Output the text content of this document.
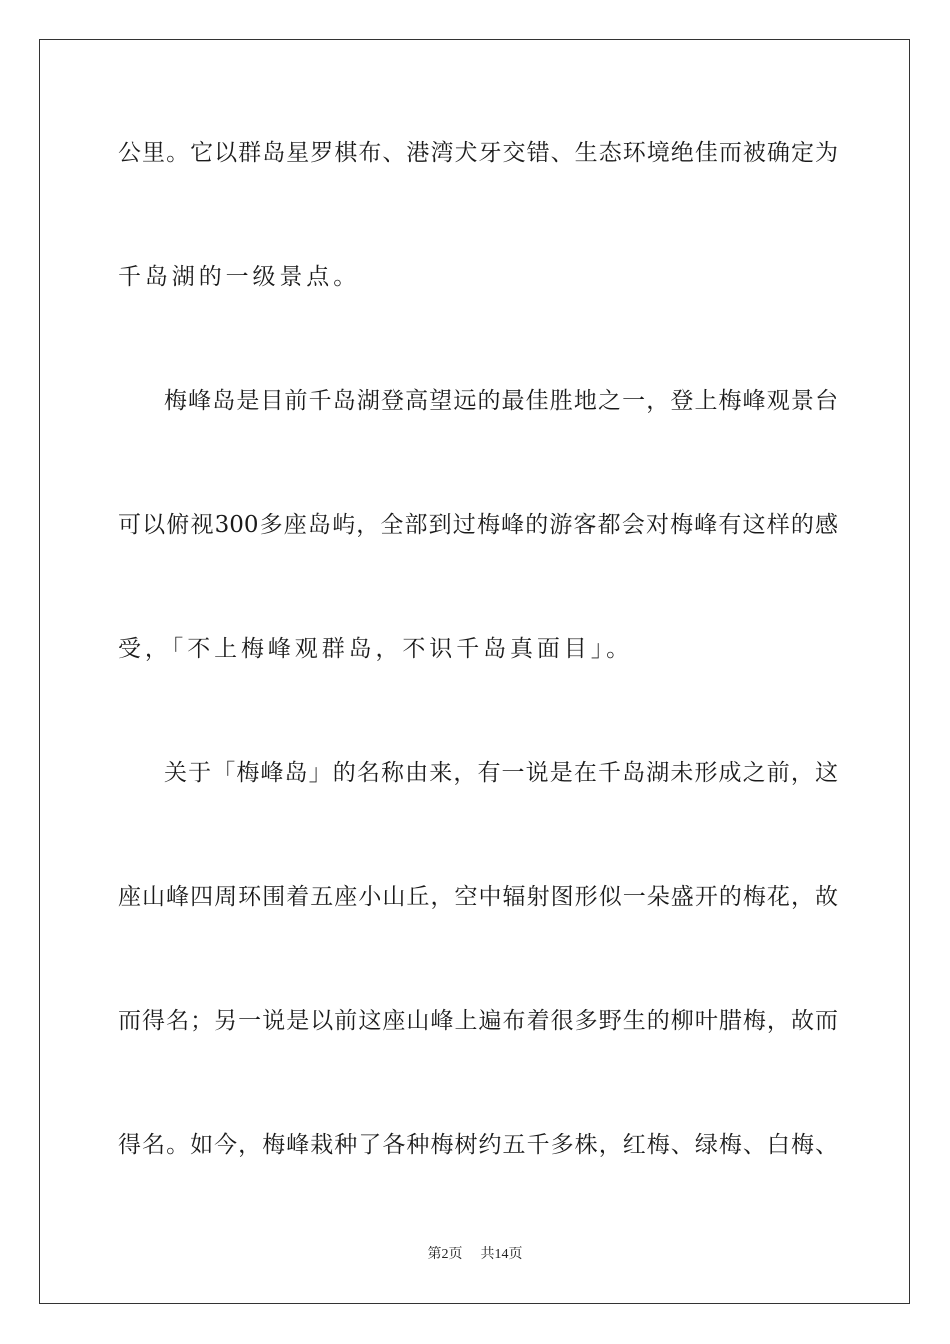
公里。它以群岛星罗棋布、港湾犬牙交错、生态环境绝佳而被确定为
千岛湖的一级景点。
梅峰岛是目前千岛湖登高望远的最佳胜地之一，登上梅峰观景台
可以俯视300多座岛屿，全部到过梅峰的游客都会对梅峰有这样的感
受，「不上梅峰观群岛，不识千岛真面目」。
关于「梅峰岛」的名称由来，有一说是在千岛湖未形成之前，这
座山峰四周环围着五座小山丘，空中辐射图形似一朵盛开的梅花，故
而得名；另一说是以前这座山峰上遍布着很多野生的柳叶腊梅，故而
得名。如今，梅峰栽种了各种梅树约五千多株，红梅、绿梅、白梅、
第2页 共14页
